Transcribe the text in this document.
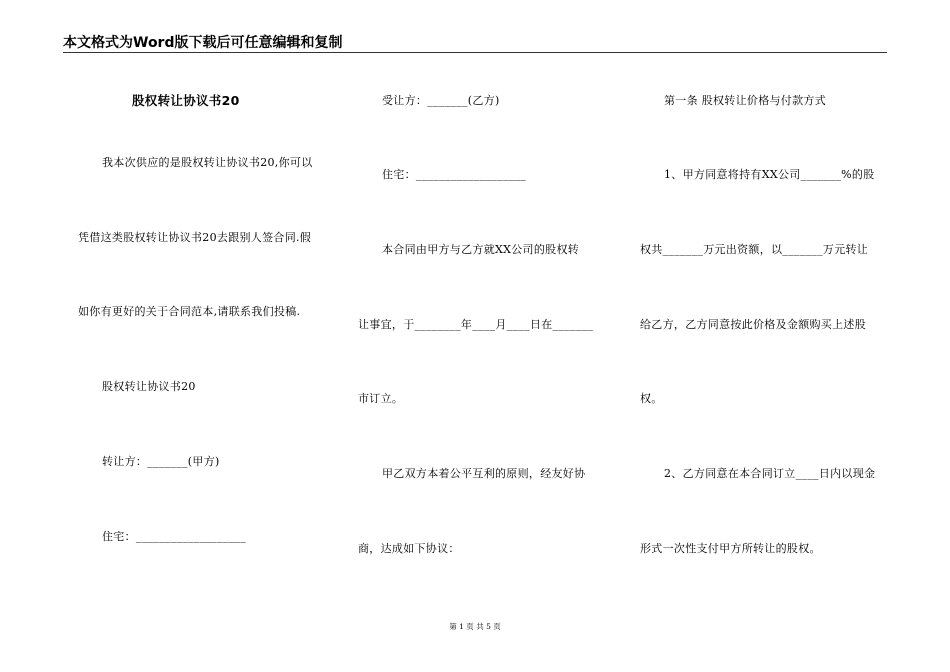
本文格式为Word版下载后可任意编辑和复制
股权转让协议书20
我本次供应的是股权转让协议书20,你可以
凭借这类股权转让协议书20去跟别人签合同.假
如你有更好的关于合同范本,请联系我们投稿.
股权转让协议书20
转让方：_______(甲方)
住宅：___________________
受让方：_______(乙方)
住宅：___________________
本合同由甲方与乙方就XX公司的股权转
让事宜，于________年____月____日在_______
市订立。
甲乙双方本着公平互利的原则，经友好协
商，达成如下协议：
第一条 股权转让价格与付款方式
1、甲方同意将持有XX公司_______%的股
权共_______万元出资额，以_______万元转让
给乙方，乙方同意按此价格及金额购买上述股
权。
2、乙方同意在本合同订立____日内以现金
形式一次性支付甲方所转让的股权。
第 1 页 共 5 页
